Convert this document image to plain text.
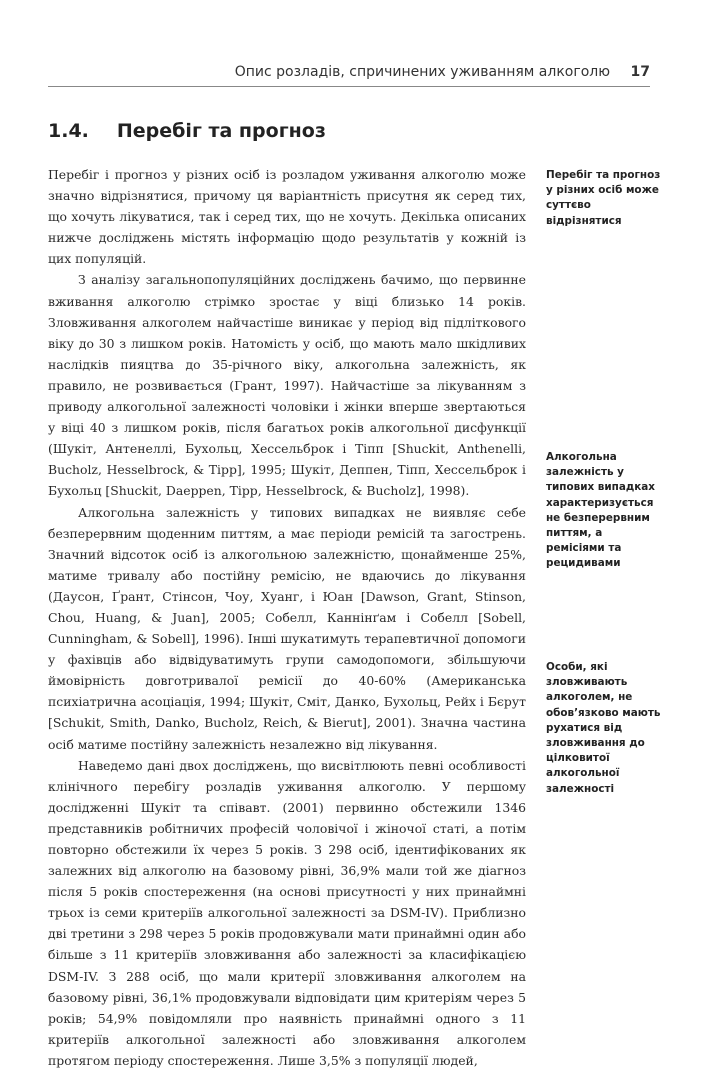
Опис розладів, спричинених уживанням алкоголю	17
1.4. Перебіг та прогноз

Перебіг і прогноз у різних осіб із розладом уживання алкоголю може значно відрізнятися, причому ця варіантність присутня як серед тих, що хочуть лікуватися, так і серед тих, що не хочуть. Декілька описаних нижче досліджень містять інформацію щодо результатів у кожній із цих популяцій.

З аналізу загальнопопуляційних досліджень бачимо, що первинне вживання алкоголю стрімко зростає у віці близько 14 років. Зловживання алкоголем найчастіше виникає у період від підліткового віку до 30 з лишком років. Натомість у осіб, що мають мало шкідливих наслідків пияцтва до 35-річного віку, алкогольна залежність, як правило, не розвивається (Грант, 1997). Найчастіше за лікуванням з приводу алкогольної залежності чоловіки і жінки вперше звертаються у віці 40 з лишком років, після багатьох років алкогольної дисфункції (Шукіт, Антенеллі, Бухольц, Хессельброк і Тіпп [Shuckit, Anthenelli, Bucholz, Hesselbrock, & Tipp], 1995; Шукіт, Деппен, Тіпп, Хессельброк і Бухольц [Shuckit, Daeppen, Tipp, Hesselbrock, & Bucholz], 1998).

Алкогольна залежність у типових випадках не виявляє себе безперервним щоденним питтям, а має періоди ремісій та загострень. Значний відсоток осіб із алкогольною залежністю, щонайменше 25%, матиме тривалу або постійну ремісію, не вдаючись до лікування (Даусон, Ґрант, Стінсон, Чоу, Хуанг, і Юан [Dawson, Grant, Stinson, Chou, Huang, & Juan], 2005; Собелл, Каннінґам і Собелл [Sobell, Cunningham, & Sobell], 1996). Інші шукатимуть терапевтичної допомоги у фахівців або відвідуватимуть групи самодопомоги, збільшуючи ймовірність довготривалої ремісії до 40-60% (Американська психіатрична асоціація, 1994; Шукіт, Сміт, Данко, Бухольц, Рейх і Бєрут [Schukit, Smith, Danko, Bucholz, Reich, & Bierut], 2001). Значна частина осіб матиме постійну залежність незалежно від лікування.

Наведемо дані двох досліджень, що висвітлюють певні особливості клінічного перебігу розладів уживання алкоголю. У першому дослідженні Шукіт та співавт. (2001) первинно обстежили 1346 представників робітничих професій чоловічої і жіночої статі, а потім повторно обстежили їх через 5 років. З 298 осіб, ідентифікованих як залежних від алкоголю на базовому рівні, 36,9% мали той же діагноз після 5 років спостереження (на основі присутності у них принаймні трьох із семи критеріїв алкогольної залежності за DSM-IV). Приблизно дві третини з 298 через 5 років продовжували мати принаймні один або більше з 11 критеріїв зловживання або залежності за класифікацією DSM-IV. З 288 осіб, що мали критерії зловживання алкоголем на базовому рівні, 36,1% продовжували відповідати цим критеріям через 5 років; 54,9% повідомляли про наявність принаймні одного з 11 критеріїв алкогольної залежності або зловживання алкоголем протягом періоду спостереження. Лише 3,5% з популяції людей,

Перебіг та прогноз у різних осіб може суттєво відрізнятися
Алкогольна залежність у типових випадках характеризується не безперервним питтям, а ремісіями та рецидивами
Особи, які зловживають алкоголем, не обов’язково мають рухатися від зловживання до цілковитої алкогольної залежності
